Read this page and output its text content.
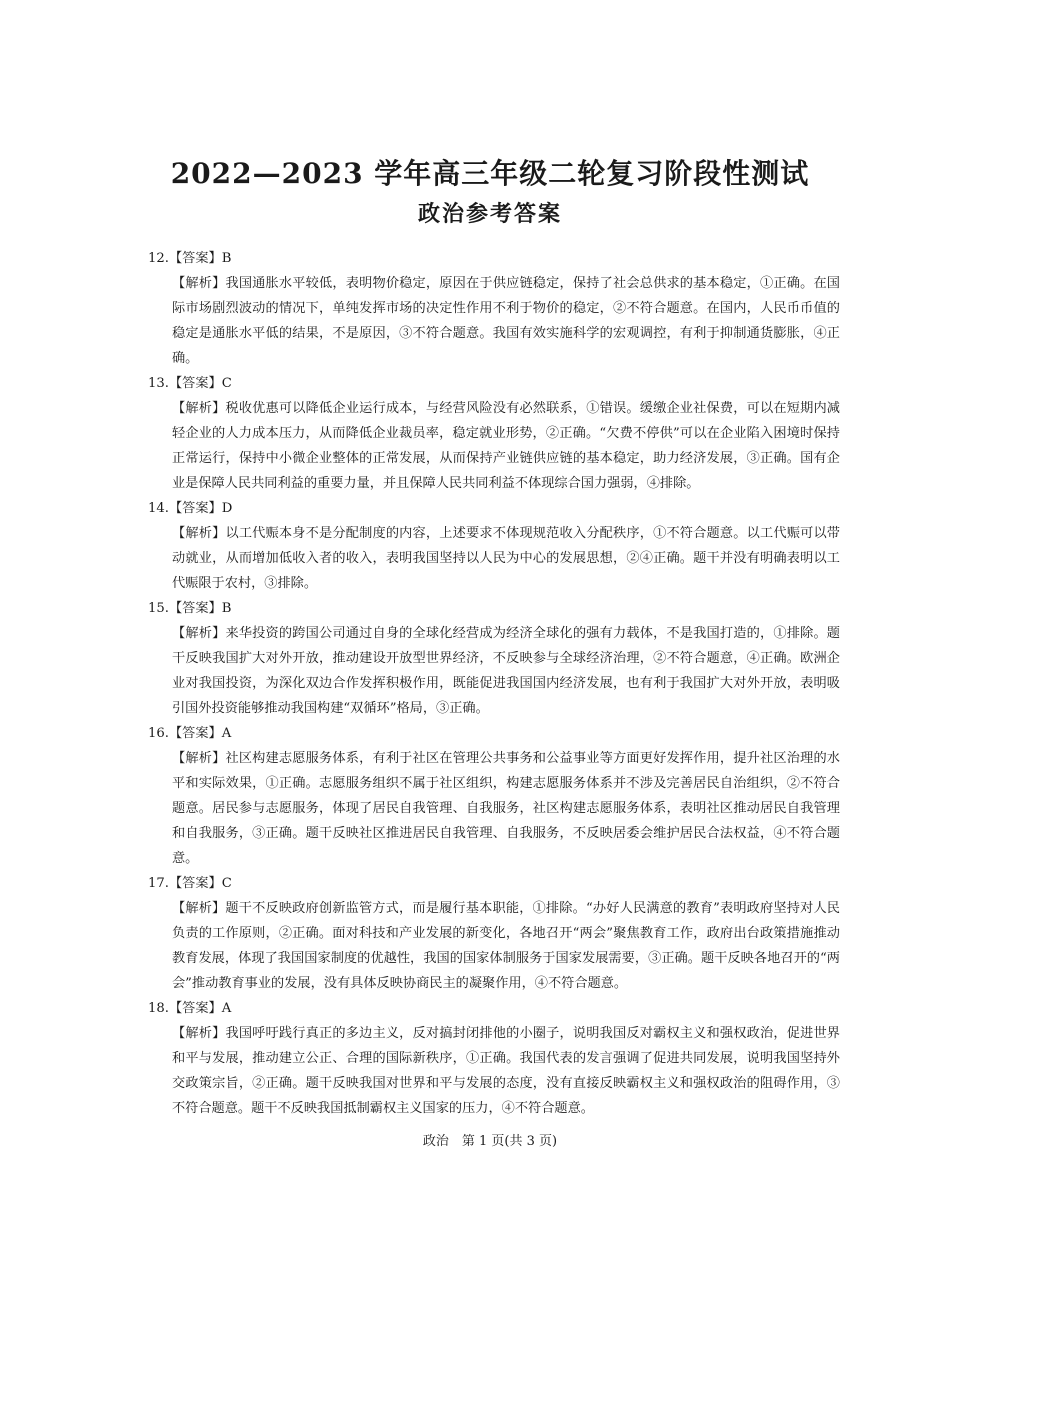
2022—2023 学年高三年级二轮复习阶段性测试
政治参考答案

12.【答案】B

【解析】我国通胀水平较低，表明物价稳定，原因在于供应链稳定，保持了社会总供求的基本稳定，①正确。在国际市场剧烈波动的情况下，单纯发挥市场的决定性作用不利于物价的稳定，②不符合题意。在国内，人民币币值的稳定是通胀水平低的结果，不是原因，③不符合题意。我国有效实施科学的宏观调控，有利于抑制通货膨胀，④正确。

13.【答案】C

【解析】税收优惠可以降低企业运行成本，与经营风险没有必然联系，①错误。缓缴企业社保费，可以在短期内减轻企业的人力成本压力，从而降低企业裁员率，稳定就业形势，②正确。“欠费不停供”可以在企业陷入困境时保持正常运行，保持中小微企业整体的正常发展，从而保持产业链供应链的基本稳定，助力经济发展，③正确。国有企业是保障人民共同利益的重要力量，并且保障人民共同利益不体现综合国力强弱，④排除。

14.【答案】D

【解析】以工代赈本身不是分配制度的内容，上述要求不体现规范收入分配秩序，①不符合题意。以工代赈可以带动就业，从而增加低收入者的收入，表明我国坚持以人民为中心的发展思想，②④正确。题干并没有明确表明以工代赈限于农村，③排除。

15.【答案】B

【解析】来华投资的跨国公司通过自身的全球化经营成为经济全球化的强有力载体，不是我国打造的，①排除。题干反映我国扩大对外开放，推动建设开放型世界经济，不反映参与全球经济治理，②不符合题意，④正确。欧洲企业对我国投资，为深化双边合作发挥积极作用，既能促进我国国内经济发展，也有利于我国扩大对外开放，表明吸引国外投资能够推动我国构建“双循环”格局，③正确。

16.【答案】A

【解析】社区构建志愿服务体系，有利于社区在管理公共事务和公益事业等方面更好发挥作用，提升社区治理的水平和实际效果，①正确。志愿服务组织不属于社区组织，构建志愿服务体系并不涉及完善居民自治组织，②不符合题意。居民参与志愿服务，体现了居民自我管理、自我服务，社区构建志愿服务体系，表明社区推动居民自我管理和自我服务，③正确。题干反映社区推进居民自我管理、自我服务，不反映居委会维护居民合法权益，④不符合题意。

17.【答案】C

【解析】题干不反映政府创新监管方式，而是履行基本职能，①排除。“办好人民满意的教育”表明政府坚持对人民负责的工作原则，②正确。面对科技和产业发展的新变化，各地召开“两会”聚焦教育工作，政府出台政策措施推动教育发展，体现了我国国家制度的优越性，我国的国家体制服务于国家发展需要，③正确。题干反映各地召开的“两会”推动教育事业的发展，没有具体反映协商民主的凝聚作用，④不符合题意。

18.【答案】A

【解析】我国呼吁践行真正的多边主义，反对搞封闭排他的小圈子，说明我国反对霸权主义和强权政治，促进世界和平与发展，推动建立公正、合理的国际新秩序，①正确。我国代表的发言强调了促进共同发展，说明我国坚持外交政策宗旨，②正确。题干反映我国对世界和平与发展的态度，没有直接反映霸权主义和强权政治的阻碍作用，③不符合题意。题干不反映我国抵制霸权主义国家的压力，④不符合题意。

政治　第 1 页(共 3 页)
